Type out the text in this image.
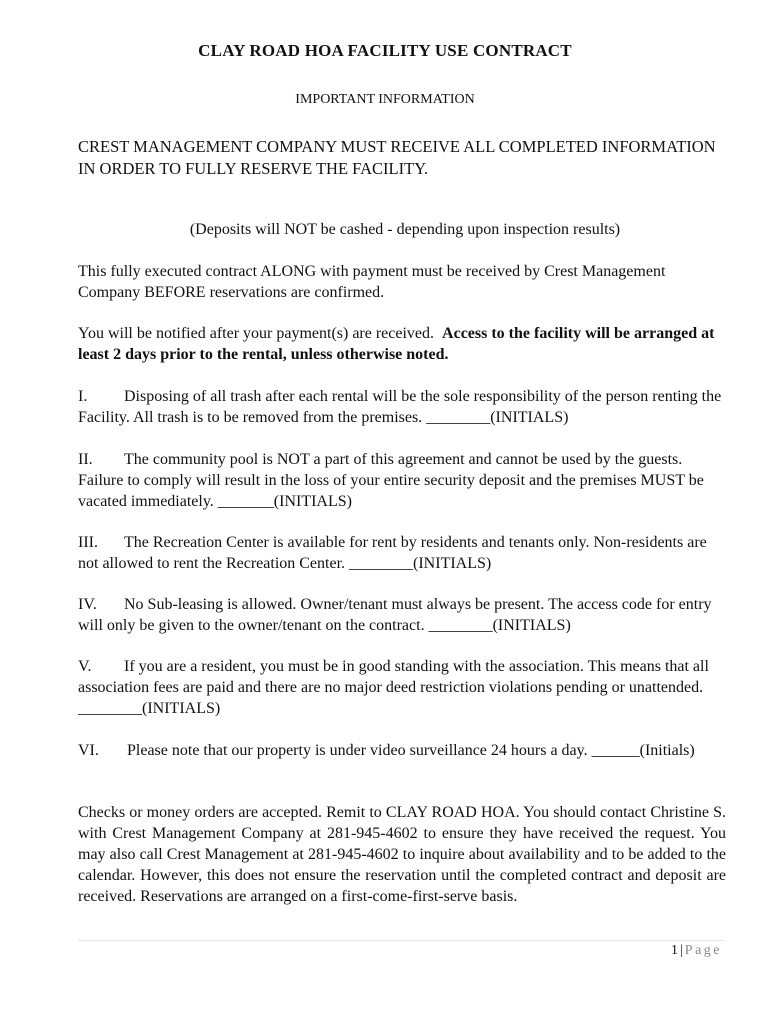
CLAY ROAD HOA FACILITY USE CONTRACT
IMPORTANT INFORMATION
CREST MANAGEMENT COMPANY MUST RECEIVE ALL COMPLETED INFORMATION IN ORDER TO FULLY RESERVE THE FACILITY.
(Deposits will NOT be cashed - depending upon inspection results)
This fully executed contract ALONG with payment must be received by Crest Management Company BEFORE reservations are confirmed.
You will be notified after your payment(s) are received. Access to the facility will be arranged at least 2 days prior to the rental, unless otherwise noted.
I. Disposing of all trash after each rental will be the sole responsibility of the person renting the Facility. All trash is to be removed from the premises. ________(INITIALS)
II. The community pool is NOT a part of this agreement and cannot be used by the guests. Failure to comply will result in the loss of your entire security deposit and the premises MUST be vacated immediately. _______(INITIALS)
III. The Recreation Center is available for rent by residents and tenants only. Non-residents are not allowed to rent the Recreation Center. ________(INITIALS)
IV. No Sub-leasing is allowed. Owner/tenant must always be present. The access code for entry will only be given to the owner/tenant on the contract. ________(INITIALS)
V. If you are a resident, you must be in good standing with the association. This means that all association fees are paid and there are no major deed restriction violations pending or unattended. ________(INITIALS)
VI. Please note that our property is under video surveillance 24 hours a day. ______(Initials)
Checks or money orders are accepted. Remit to CLAY ROAD HOA. You should contact Christine S. with Crest Management Company at 281-945-4602 to ensure they have received the request. You may also call Crest Management at 281-945-4602 to inquire about availability and to be added to the calendar. However, this does not ensure the reservation until the completed contract and deposit are received. Reservations are arranged on a first-come-first-serve basis.
1 | Page
